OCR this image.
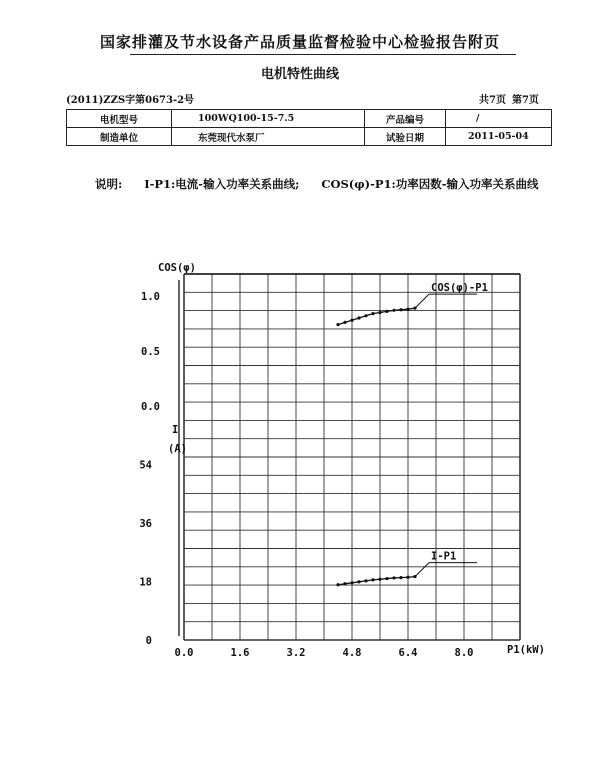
国家排灌及节水设备产品质量监督检验中心检验报告附页
电机特性曲线
(2011)ZZS字第0673-2号	共7页 第7页
电机型号	100WQ100-15-7.5	产品编号	/
制造单位	东莞现代水泵厂	试验日期	2011-05-04
说明: I-P1:电流-输入功率关系曲线; COS(φ)-P1:功率因数-输入功率关系曲线
COS(φ)
I
(A)
P1(kW)
0.0	1.6	3.2	4.8	6.4	8.0
1.0
0.5
0.0
54
36
18
0
COS(φ)-P1
I-P1
